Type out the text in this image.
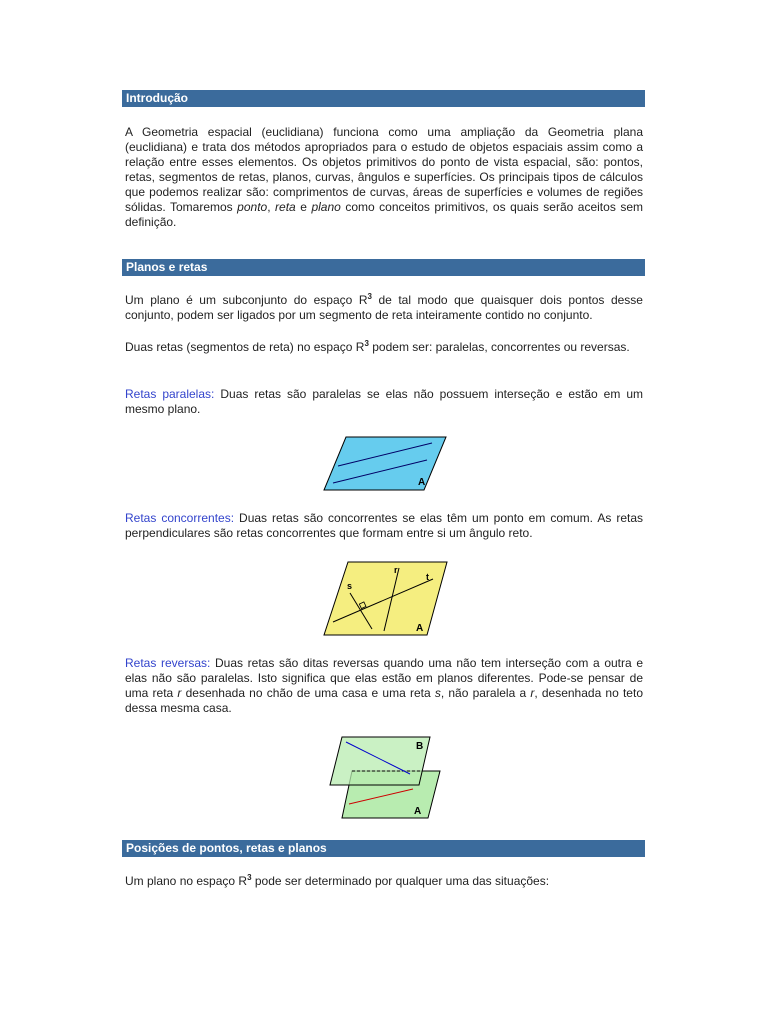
Introdução

A Geometria espacial (euclidiana) funciona como uma ampliação da Geometria plana (euclidiana) e trata dos métodos apropriados para o estudo de objetos espaciais assim como a relação entre esses elementos. Os objetos primitivos do ponto de vista espacial, são: pontos, retas, segmentos de retas, planos, curvas, ângulos e superfícies. Os principais tipos de cálculos que podemos realizar são: comprimentos de curvas, áreas de superfícies e volumes de regiões sólidas. Tomaremos ponto, reta e plano como conceitos primitivos, os quais serão aceitos sem definição.

Planos e retas

Um plano é um subconjunto do espaço $R^3$ de tal modo que quaisquer dois pontos desse conjunto, podem ser ligados por um segmento de reta inteiramente contido no conjunto.

Duas retas (segmentos de reta) no espaço $R^3$ podem ser: paralelas, concorrentes ou reversas.

Retas paralelas: Duas retas são paralelas se elas não possuem interseção e estão em um mesmo plano.

A

Retas concorrentes: Duas retas são concorrentes se elas têm um ponto em comum. As retas perpendiculares são retas concorrentes que formam entre si um ângulo reto.

s
r
t
A

Retas reversas: Duas retas são ditas reversas quando uma não tem interseção com a outra e elas não são paralelas. Isto significa que elas estão em planos diferentes. Pode-se pensar de uma reta r desenhada no chão de uma casa e uma reta s, não paralela a r, desenhada no teto dessa mesma casa.

A
B
Posições de pontos, retas e planos

Um plano no espaço $R^3$ pode ser determinado por qualquer uma das situações:
